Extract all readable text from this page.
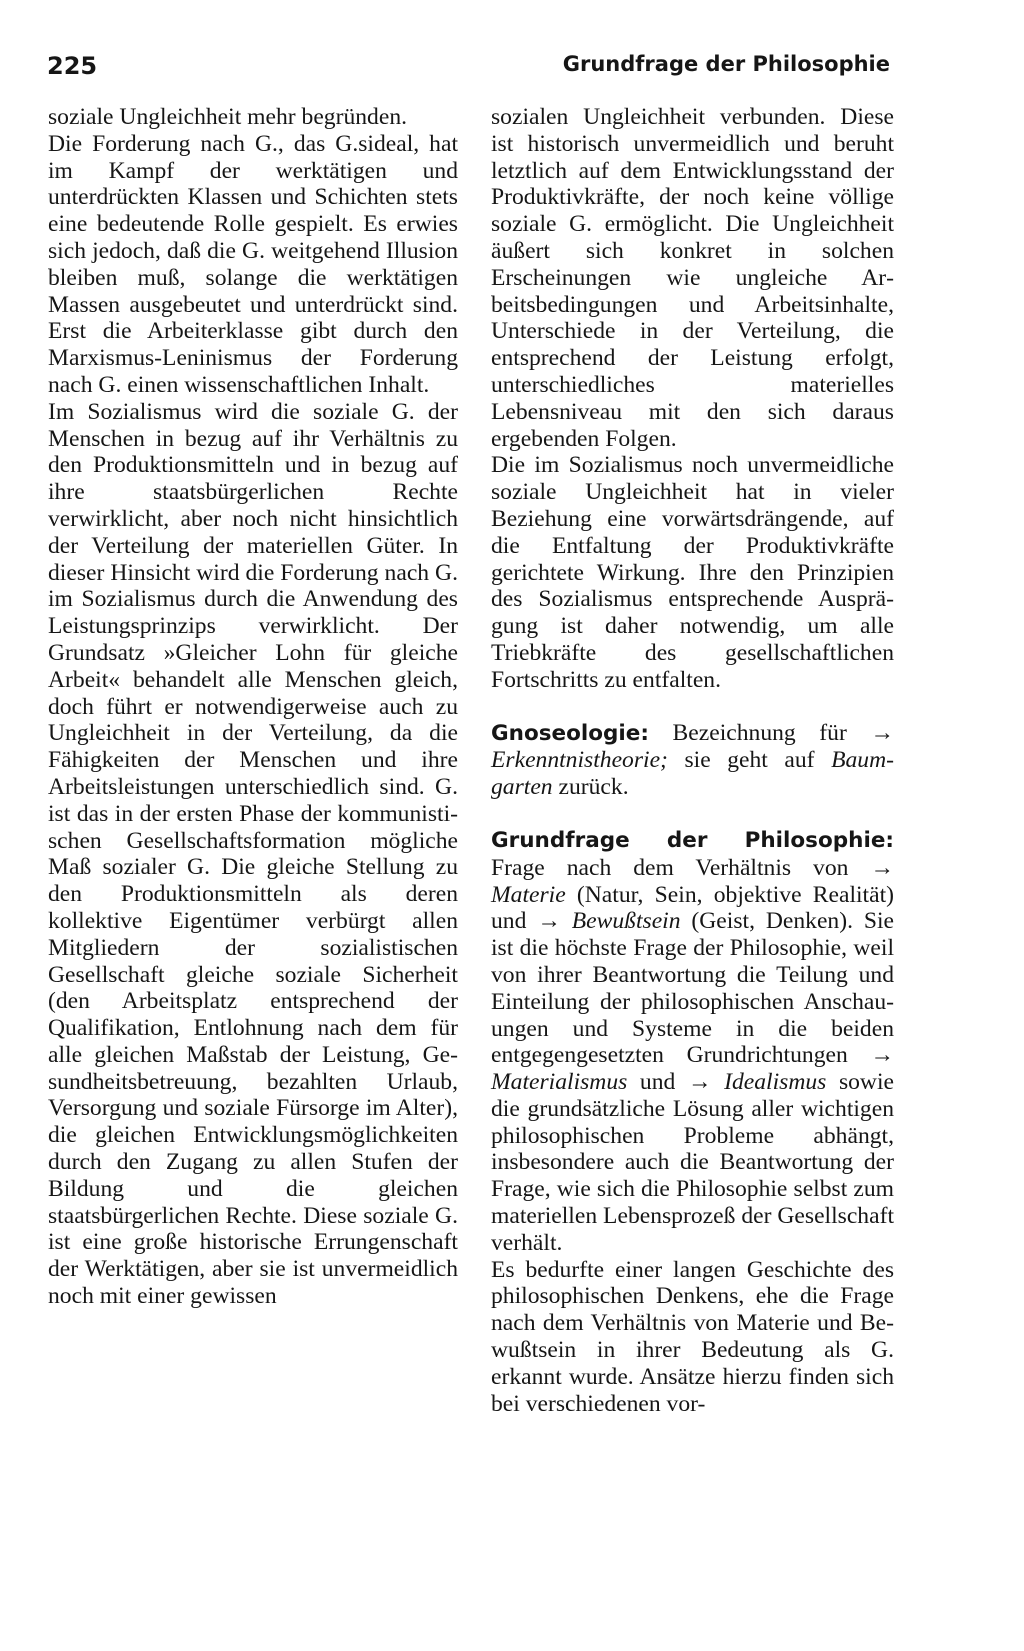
225	Grundfrage der Philosophie

soziale Ungleichheit mehr begründen.

Die Forderung nach G., das G.sideal, hat im Kampf der werktätigen und unterdrückten Klassen und Schichten stets eine bedeutende Rolle gespielt. Es erwies sich jedoch, daß die G. weitgehend Illusion bleiben muß, solange die werktätigen Massen ausgebeutet und unterdrückt sind. Erst die Arbeiterklasse gibt durch den Marxismus-Leninismus der Forderung nach G. einen wissenschaftlichen Inhalt.

Im Sozialismus wird die soziale G. der Menschen in bezug auf ihr Verhältnis zu den Produktionsmitteln und in bezug auf ihre staatsbürgerlichen Rechte verwirklicht, aber noch nicht hinsichtlich der Verteilung der materiellen Güter. In dieser Hinsicht wird die Forderung nach G. im Sozialismus durch die Anwendung des Leistungsprinzips verwirklicht. Der Grundsatz »Gleicher Lohn für gleiche Arbeit« behandelt alle Menschen gleich, doch führt er notwendigerweise auch zu Ungleichheit in der Verteilung, da die Fähigkeiten der Menschen und ihre Arbeitsleistungen unterschiedlich sind. G. ist das in der ersten Phase der kommunistischen Gesellschaftsformation mögliche Maß sozialer G. Die gleiche Stellung zu den Produktionsmitteln als deren kollektive Eigentümer verbürgt allen Mitgliedern der sozialistischen Gesellschaft gleiche soziale Sicherheit (den Arbeitsplatz entsprechend der Qualifikation, Entlohnung nach dem für alle gleichen Maßstab der Leistung, Gesundheitsbetreuung, bezahlten Urlaub, Versorgung und soziale Fürsorge im Alter), die gleichen Entwicklungsmöglichkeiten durch den Zugang zu allen Stufen der Bildung und die gleichen staatsbürgerlichen Rechte. Diese soziale G. ist eine große historische Errungenschaft der Werktätigen, aber sie ist unvermeidlich noch mit einer gewissen

sozialen Ungleichheit verbunden. Diese ist historisch unvermeidlich und beruht letztlich auf dem Entwicklungsstand der Produktivkräfte, der noch keine völlige soziale G. ermöglicht. Die Ungleichheit äußert sich konkret in solchen Erscheinungen wie ungleiche Arbeitsbedingungen und Arbeitsinhalte, Unterschiede in der Verteilung, die entsprechend der Leistung erfolgt, unterschiedliches materielles Lebensniveau mit den sich daraus ergebenden Folgen.

Die im Sozialismus noch unvermeidliche soziale Ungleichheit hat in vieler Beziehung eine vorwärtsdrängende, auf die Entfaltung der Produktivkräfte gerichtete Wirkung. Ihre den Prinzipien des Sozialismus entsprechende Ausprägung ist daher notwendig, um alle Triebkräfte des gesellschaftlichen Fortschritts zu entfalten.

Gnoseologie: Bezeichnung für → Erkenntnistheorie; sie geht auf Baumgarten zurück.

Grundfrage der Philosophie: Frage nach dem Verhältnis von → Materie (Natur, Sein, objektive Realität) und → Bewußtsein (Geist, Denken). Sie ist die höchste Frage der Philosophie, weil von ihrer Beantwortung die Teilung und Einteilung der philosophischen Anschauungen und Systeme in die beiden entgegengesetzten Grundrichtungen → Materialismus und → Idealismus sowie die grundsätzliche Lösung aller wichtigen philosophischen Probleme abhängt, insbesondere auch die Beantwortung der Frage, wie sich die Philosophie selbst zum materiellen Lebensprozeß der Gesellschaft verhält.

Es bedurfte einer langen Geschichte des philosophischen Denkens, ehe die Frage nach dem Verhältnis von Materie und Bewußtsein in ihrer Bedeutung als G. erkannt wurde. Ansätze hierzu finden sich bei verschiedenen vor-
